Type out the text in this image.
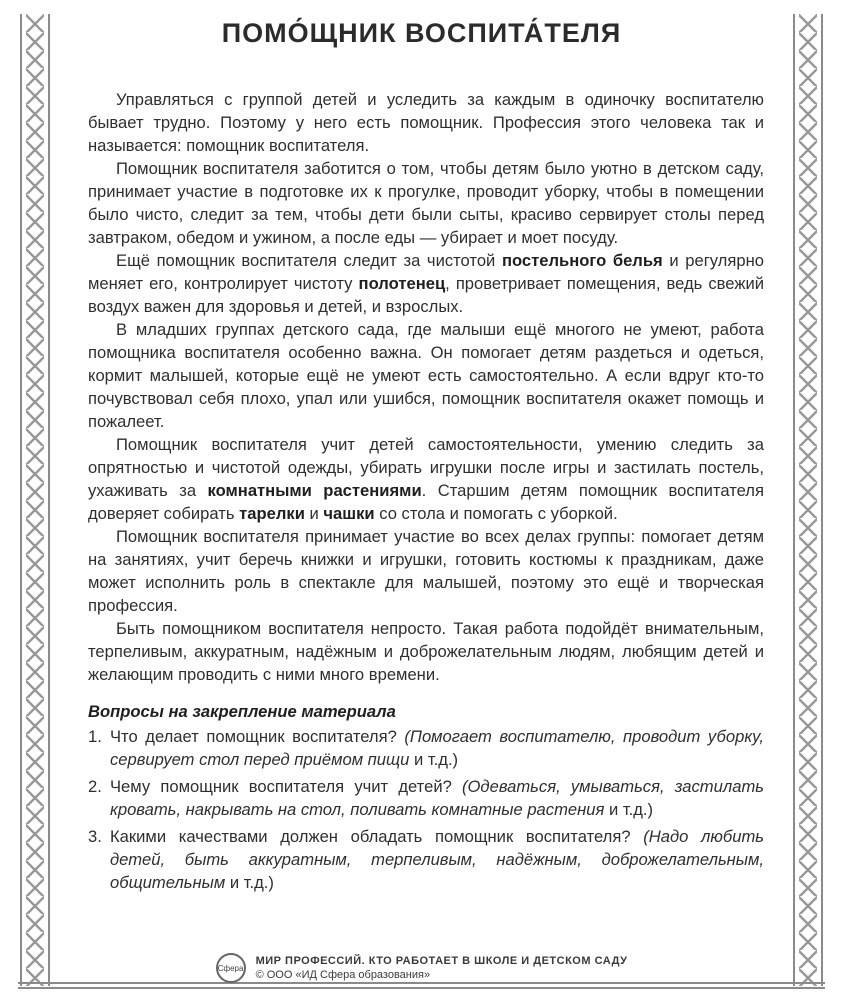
ПОМО́ЩНИК ВОСПИТА́ТЕЛЯ

Управляться с группой детей и уследить за каждым в одиночку воспитателю бывает трудно. Поэтому у него есть помощник. Профессия этого человека так и называется: помощник воспитателя.

Помощник воспитателя заботится о том, чтобы детям было уютно в детском саду, принимает участие в подготовке их к прогулке, проводит уборку, чтобы в помещении было чисто, следит за тем, чтобы дети были сыты, красиво сервирует столы перед завтраком, обедом и ужином, а после еды — убирает и моет посуду.

Ещё помощник воспитателя следит за чистотой постельного белья и регулярно меняет его, контролирует чистоту полотенец, проветривает помещения, ведь свежий воздух важен для здоровья и детей, и взрослых.

В младших группах детского сада, где малыши ещё многого не умеют, работа помощника воспитателя особенно важна. Он помогает детям раздеться и одеться, кормит малышей, которые ещё не умеют есть самостоятельно. А если вдруг кто-то почувствовал себя плохо, упал или ушибся, помощник воспитателя окажет помощь и пожалеет.

Помощник воспитателя учит детей самостоятельности, умению следить за опрятностью и чистотой одежды, убирать игрушки после игры и застилать постель, ухаживать за комнатными растениями. Старшим детям помощник воспитателя доверяет собирать тарелки и чашки со стола и помогать с уборкой.

Помощник воспитателя принимает участие во всех делах группы: помогает детям на занятиях, учит беречь книжки и игрушки, готовить костюмы к праздникам, даже может исполнить роль в спектакле для малышей, поэтому это ещё и творческая профессия.

Быть помощником воспитателя непросто. Такая работа подойдёт внимательным, терпеливым, аккуратным, надёжным и доброжелательным людям, любящим детей и желающим проводить с ними много времени.

Вопросы на закрепление материала
1. Что делает помощник воспитателя? (Помогает воспитателю, проводит уборку, сервирует стол перед приёмом пищи и т.д.)
2. Чему помощник воспитателя учит детей? (Одеваться, умываться, застилать кровать, накрывать на стол, поливать комнатные растения и т.д.)
3. Какими качествами должен обладать помощник воспитателя? (Надо любить детей, быть аккуратным, терпеливым, надёжным, доброжелательным, общительным и т.д.)
Сфера
МИР ПРОФЕССИЙ. КТО РАБОТАЕТ В ШКОЛЕ И ДЕТСКОМ САДУ
© ООО «ИД Сфера образования»
